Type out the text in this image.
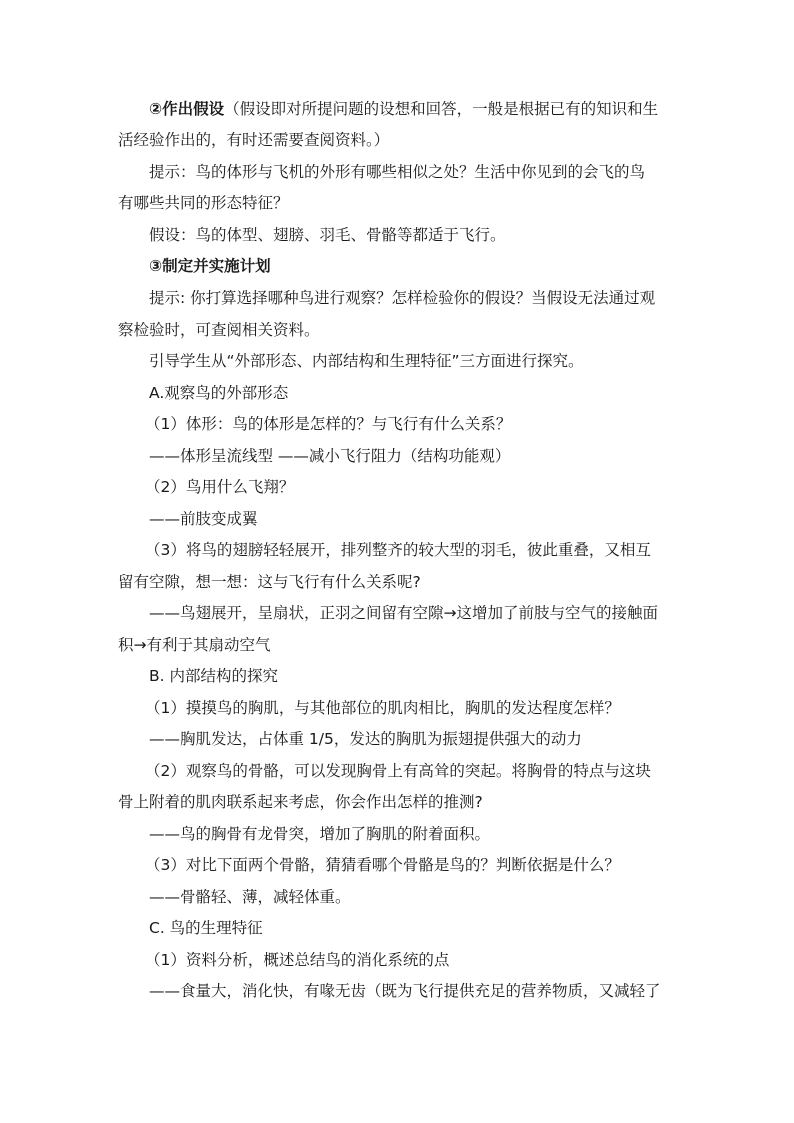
②作出假设（假设即对所提问题的设想和回答，一般是根据已有的知识和生
活经验作出的，有时还需要查阅资料。）
提示：鸟的体形与飞机的外形有哪些相似之处？生活中你见到的会飞的鸟
有哪些共同的形态特征？
假设：鸟的体型、翅膀、羽毛、骨骼等都适于飞行。
③制定并实施计划
提示: 你打算选择哪种鸟进行观察？怎样检验你的假设？当假设无法通过观
察检验时，可查阅相关资料。
引导学生从“外部形态、内部结构和生理特征”三方面进行探究。
A.观察鸟的外部形态
（1）体形：鸟的体形是怎样的？与飞行有什么关系？
——体形呈流线型 ——减小飞行阻力（结构功能观）
（2）鸟用什么飞翔？
——前肢变成翼
（3）将鸟的翅膀轻轻展开，排列整齐的较大型的羽毛，彼此重叠，又相互
留有空隙，想一想：这与飞行有什么关系呢?
——鸟翅展开，呈扇状，正羽之间留有空隙→这增加了前肢与空气的接触面
积→有利于其扇动空气
B. 内部结构的探究
（1）摸摸鸟的胸肌，与其他部位的肌肉相比，胸肌的发达程度怎样？
——胸肌发达，占体重 1/5，发达的胸肌为振翅提供强大的动力
（2）观察鸟的骨骼，可以发现胸骨上有高耸的突起。将胸骨的特点与这块
骨上附着的肌肉联系起来考虑，你会作出怎样的推测?
——鸟的胸骨有龙骨突，增加了胸肌的附着面积。
（3）对比下面两个骨骼，猜猜看哪个骨骼是鸟的？判断依据是什么？
——骨骼轻、薄，减轻体重。
C. 鸟的生理特征
（1）资料分析，概述总结鸟的消化系统的点
——食量大，消化快，有喙无齿（既为飞行提供充足的营养物质，又减轻了
